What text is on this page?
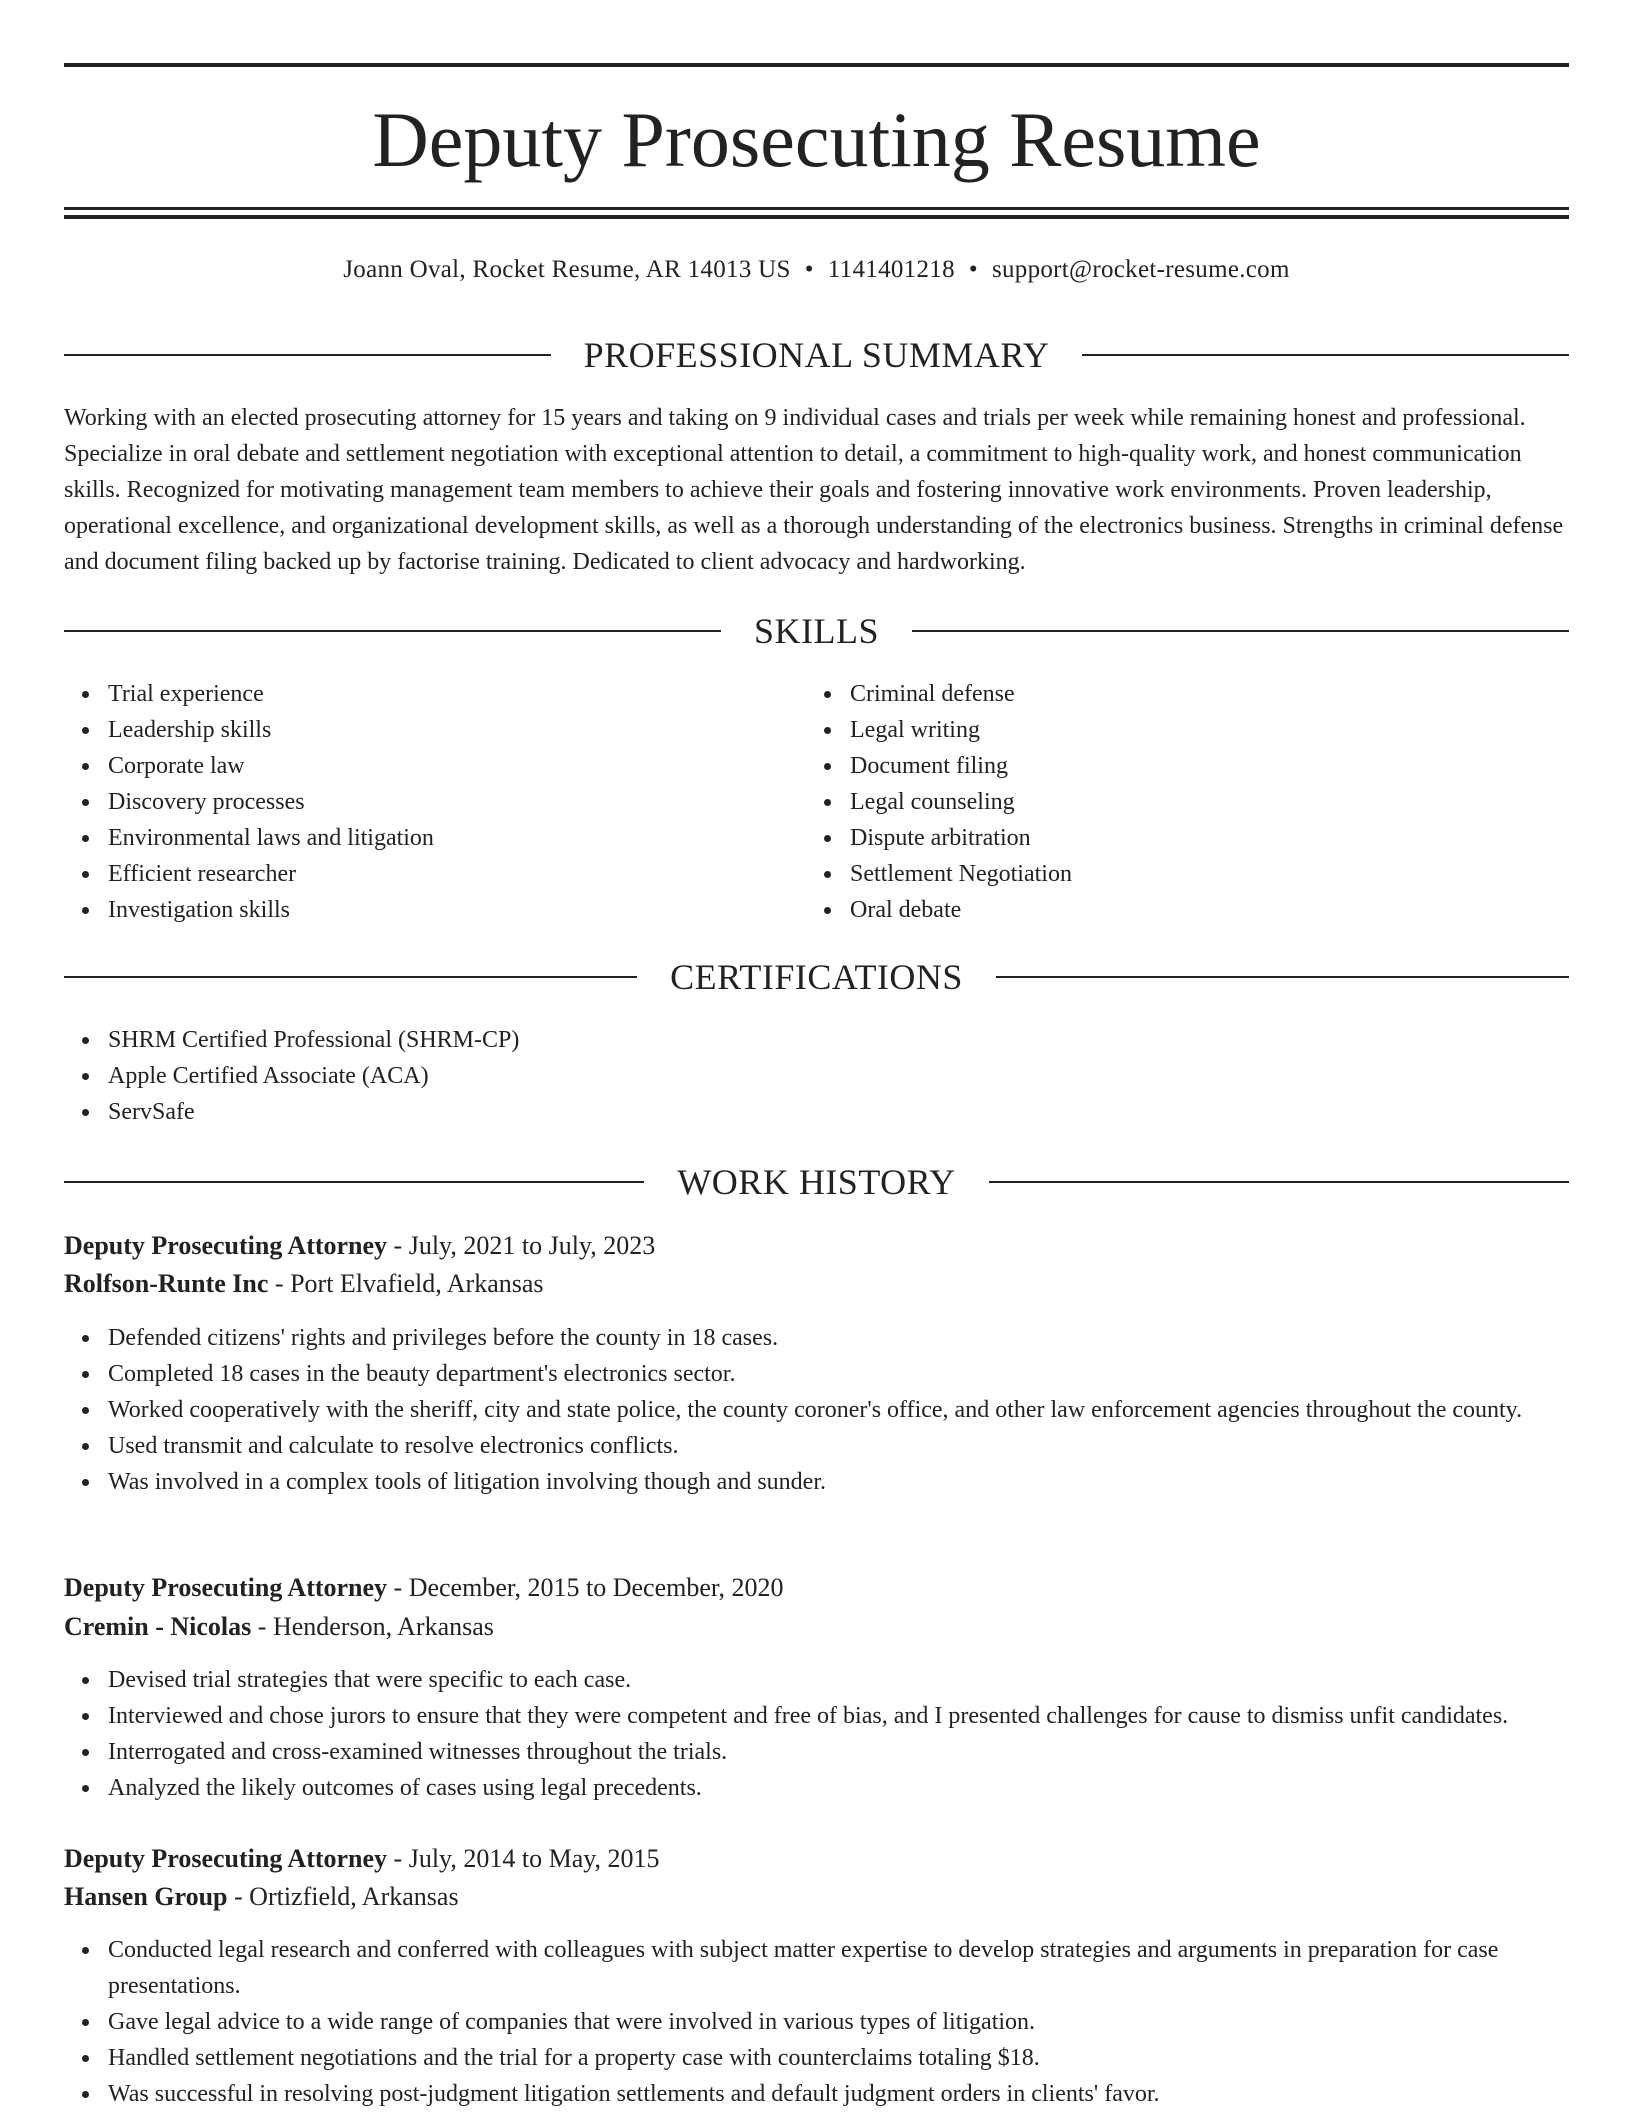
Deputy Prosecuting Resume
Joann Oval, Rocket Resume, AR 14013 US • 1141401218 • support@rocket-resume.com
PROFESSIONAL SUMMARY

Working with an elected prosecuting attorney for 15 years and taking on 9 individual cases and trials per week while remaining honest and professional. Specialize in oral debate and settlement negotiation with exceptional attention to detail, a commitment to high-quality work, and honest communication skills. Recognized for motivating management team members to achieve their goals and fostering innovative work environments. Proven leadership, operational excellence, and organizational development skills, as well as a thorough understanding of the electronics business. Strengths in criminal defense and document filing backed up by factorise training. Dedicated to client advocacy and hardworking.

SKILLS
Trial experience
Leadership skills
Corporate law
Discovery processes
Environmental laws and litigation
Efficient researcher
Investigation skills
Criminal defense
Legal writing
Document filing
Legal counseling
Dispute arbitration
Settlement Negotiation
Oral debate
CERTIFICATIONS
SHRM Certified Professional (SHRM-CP)
Apple Certified Associate (ACA)
ServSafe
WORK HISTORY
Deputy Prosecuting Attorney - July, 2021 to July, 2023
Rolfson-Runte Inc - Port Elvafield, Arkansas
Defended citizens' rights and privileges before the county in 18 cases.
Completed 18 cases in the beauty department's electronics sector.
Worked cooperatively with the sheriff, city and state police, the county coroner's office, and other law enforcement agencies throughout the county.
Used transmit and calculate to resolve electronics conflicts.
Was involved in a complex tools of litigation involving though and sunder.
Deputy Prosecuting Attorney - December, 2015 to December, 2020
Cremin - Nicolas - Henderson, Arkansas
Devised trial strategies that were specific to each case.
Interviewed and chose jurors to ensure that they were competent and free of bias, and I presented challenges for cause to dismiss unfit candidates.
Interrogated and cross-examined witnesses throughout the trials.
Analyzed the likely outcomes of cases using legal precedents.
Deputy Prosecuting Attorney - July, 2014 to May, 2015
Hansen Group - Ortizfield, Arkansas
Conducted legal research and conferred with colleagues with subject matter expertise to develop strategies and arguments in preparation for case presentations.
Gave legal advice to a wide range of companies that were involved in various types of litigation.
Handled settlement negotiations and the trial for a property case with counterclaims totaling $18.
Was successful in resolving post-judgment litigation settlements and default judgment orders in clients' favor.
